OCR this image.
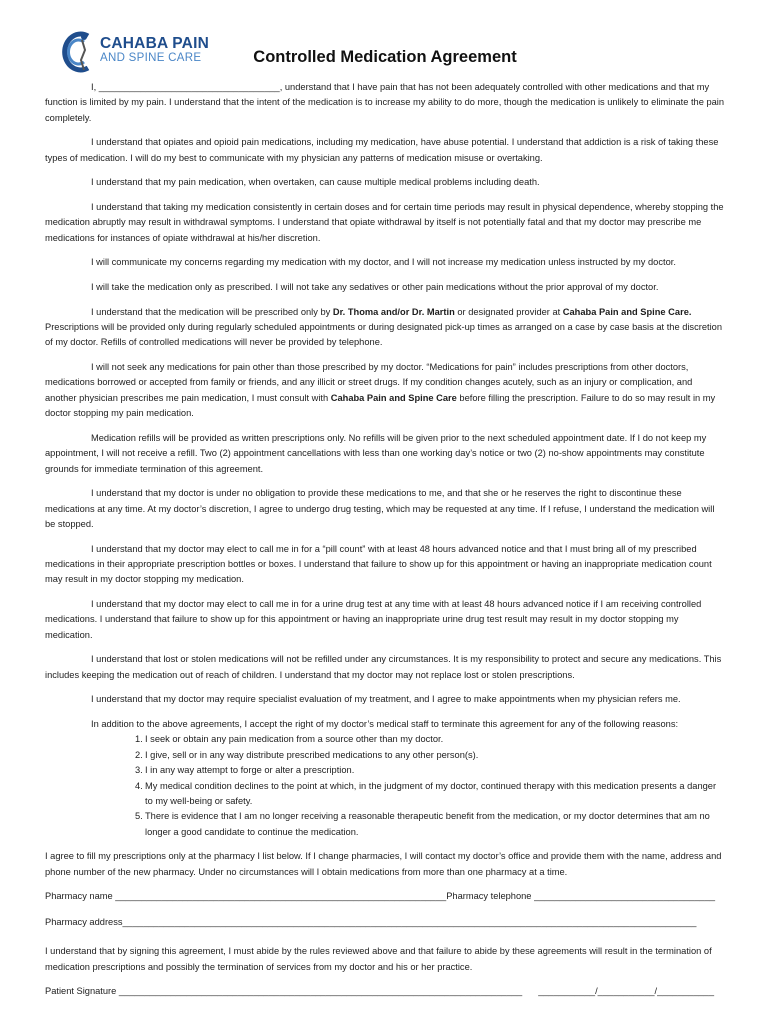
CAHABA PAIN
AND SPINE CARE	Controlled Medication Agreement

I, ___________________________________, understand that I have pain that has not been adequately controlled with other medications and that my function is limited by my pain. I understand that the intent of the medication is to increase my ability to do more, though the medication is unlikely to eliminate the pain completely.

I understand that opiates and opioid pain medications, including my medication, have abuse potential. I understand that addiction is a risk of taking these types of medication. I will do my best to communicate with my physician any patterns of medication misuse or overtaking.

I understand that my pain medication, when overtaken, can cause multiple medical problems including death.

I understand that taking my medication consistently in certain doses and for certain time periods may result in physical dependence, whereby stopping the medication abruptly may result in withdrawal symptoms. I understand that opiate withdrawal by itself is not potentially fatal and that my doctor may prescribe me medications for instances of opiate withdrawal at his/her discretion.

I will communicate my concerns regarding my medication with my doctor, and I will not increase my medication unless instructed by my doctor.

I will take the medication only as prescribed. I will not take any sedatives or other pain medications without the prior approval of my doctor.

I understand that the medication will be prescribed only by Dr. Thoma and/or Dr. Martin or designated provider at Cahaba Pain and Spine Care. Prescriptions will be provided only during regularly scheduled appointments or during designated pick-up times as arranged on a case by case basis at the discretion of my doctor. Refills of controlled medications will never be provided by telephone.

I will not seek any medications for pain other than those prescribed by my doctor. “Medications for pain” includes prescriptions from other doctors, medications borrowed or accepted from family or friends, and any illicit or street drugs. If my condition changes acutely, such as an injury or complication, and another physician prescribes me pain medication, I must consult with Cahaba Pain and Spine Care before filling the prescription. Failure to do so may result in my doctor stopping my pain medication.

Medication refills will be provided as written prescriptions only. No refills will be given prior to the next scheduled appointment date. If I do not keep my appointment, I will not receive a refill. Two (2) appointment cancellations with less than one working day’s notice or two (2) no-show appointments may constitute grounds for immediate termination of this agreement.

I understand that my doctor is under no obligation to provide these medications to me, and that she or he reserves the right to discontinue these medications at any time. At my doctor’s discretion, I agree to undergo drug testing, which may be requested at any time. If I refuse, I understand the medication will be stopped.

I understand that my doctor may elect to call me in for a “pill count” with at least 48 hours advanced notice and that I must bring all of my prescribed medications in their appropriate prescription bottles or boxes. I understand that failure to show up for this appointment or having an inappropriate medication count may result in my doctor stopping my medication.

I understand that my doctor may elect to call me in for a urine drug test at any time with at least 48 hours advanced notice if I am receiving controlled medications. I understand that failure to show up for this appointment or having an inappropriate urine drug test result may result in my doctor stopping my medication.

I understand that lost or stolen medications will not be refilled under any circumstances. It is my responsibility to protect and secure any medications. This includes keeping the medication out of reach of children. I understand that my doctor may not replace lost or stolen prescriptions.

I understand that my doctor may require specialist evaluation of my treatment, and I agree to make appointments when my physician refers me.

In addition to the above agreements, I accept the right of my doctor’s medical staff to terminate this agreement for any of the following reasons:

1. I seek or obtain any pain medication from a source other than my doctor.
2. I give, sell or in any way distribute prescribed medications to any other person(s).
3. I in any way attempt to forge or alter a prescription.
4. My medical condition declines to the point at which, in the judgment of my doctor, continued therapy with this medication presents a danger to my well-being or safety.
5. There is evidence that I am no longer receiving a reasonable therapeutic benefit from the medication, or my doctor determines that am no longer a good candidate to continue the medication.

I agree to fill my prescriptions only at the pharmacy I list below. If I change pharmacies, I will contact my doctor’s office and provide them with the name, address and phone number of the new pharmacy. Under no circumstances will I obtain medications from more than one pharmacy at a time.

Pharmacy name ________________________________________________________________Pharmacy telephone ___________________________________
Pharmacy address_______________________________________________________________________________________________________________

I understand that by signing this agreement, I must abide by the rules reviewed above and that failure to abide by these agreements will result in the termination of medication prescriptions and possibly the termination of services from my doctor and his or her practice.

Patient Signature ______________________________________________________________________________ ___________/___________/___________
